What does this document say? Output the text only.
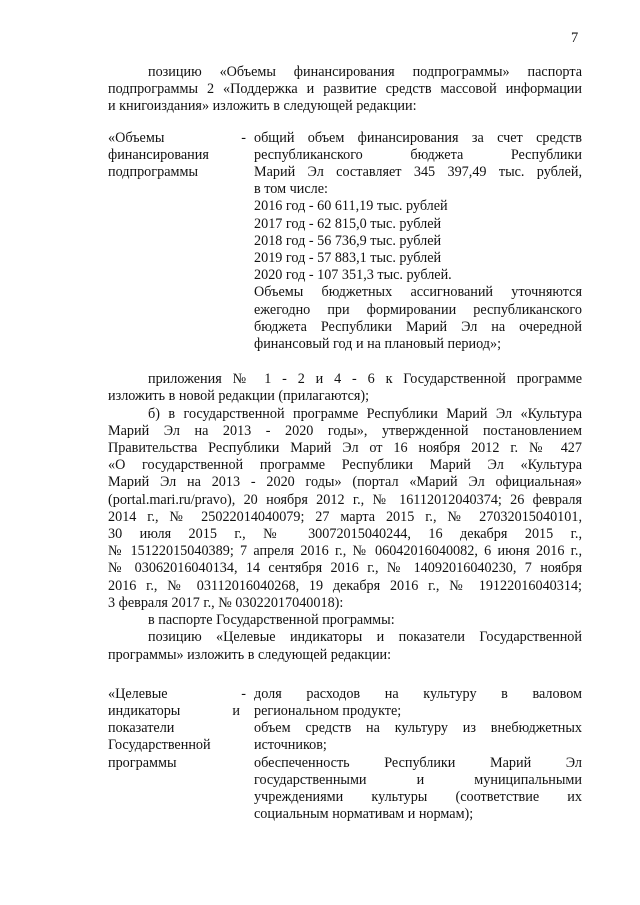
7
позицию «Объемы финансирования подпрограммы» паспорта
подпрограммы 2 «Поддержка и развитие средств массовой информации
и книгоиздания» изложить в следующей редакции:
-
«Объемы
финансирования
подпрограммы
общий объем финансирования за счет средств
республиканского бюджета Республики
Марий Эл составляет 345 397,49 тыс. рублей,
в том числе:
2016 год - 60 611,19 тыс. рублей
2017 год - 62 815,0 тыс. рублей
2018 год - 56 736,9 тыс. рублей
2019 год - 57 883,1 тыс. рублей
2020 год - 107 351,3 тыс. рублей.
Объемы бюджетных ассигнований уточняются
ежегодно при формировании республиканского
бюджета Республики Марий Эл на очередной
финансовый год и на плановый период»;
приложения № 1 - 2 и 4 - 6 к Государственной программе
изложить в новой редакции (прилагаются);
б) в государственной программе Республики Марий Эл «Культура
Марий Эл на 2013 - 2020 годы», утвержденной постановлением
Правительства Республики Марий Эл от 16 ноября 2012 г. № 427
«О государственной программе Республики Марий Эл «Культура
Марий Эл на 2013 - 2020 годы» (портал «Марий Эл официальная»
(portal.mari.ru/pravo), 20 ноября 2012 г., № 16112012040374; 26 февраля
2014 г., № 25022014040079; 27 марта 2015 г., № 27032015040101,
30 июля 2015 г., № 30072015040244, 16 декабря 2015 г.,
№ 15122015040389; 7 апреля 2016 г., № 06042016040082, 6 июня 2016 г.,
№ 03062016040134, 14 сентября 2016 г., № 14092016040230, 7 ноября
2016 г., № 03112016040268, 19 декабря 2016 г., № 19122016040314;
3 февраля 2017 г., № 03022017040018):
в паспорте Государственной программы:
позицию «Целевые индикаторы и показатели Государственной
программы» изложить в следующей редакции:
-
«Целевые
индикаторы и
показатели
Государственной
программы
доля расходов на культуру в валовом
региональном продукте;
объем средств на культуру из внебюджетных
источников;
обеспеченность Республики Марий Эл
государственными и муниципальными
учреждениями культуры (соответствие их
социальным нормативам и нормам);
